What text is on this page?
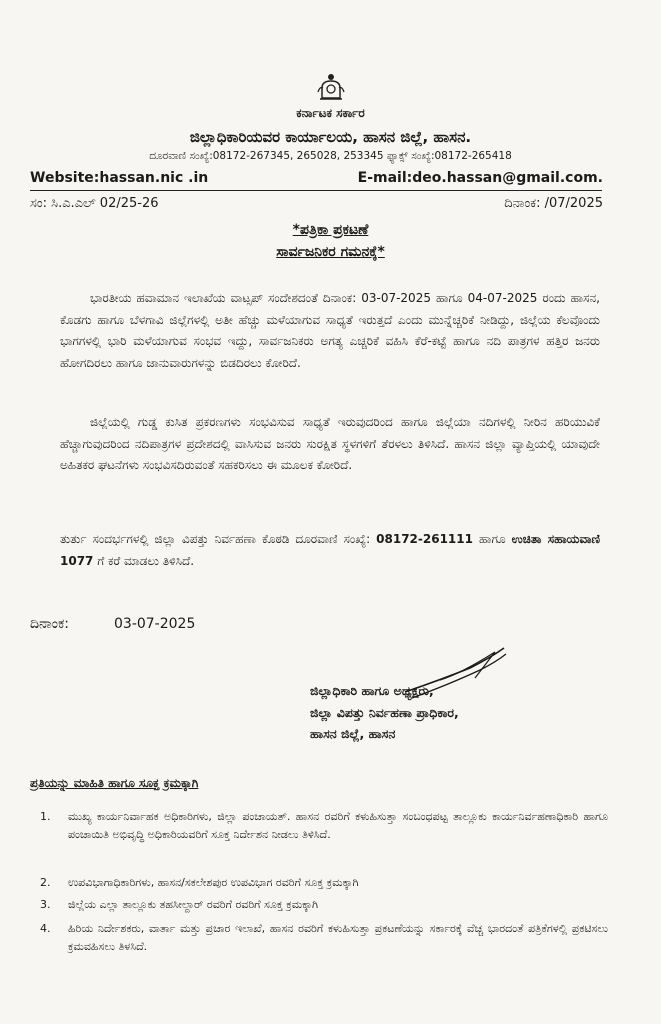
ಕರ್ನಾಟಕ ಸರ್ಕಾರ
ಜಿಲ್ಲಾಧಿಕಾರಿಯವರ ಕಾರ್ಯಾಲಯ, ಹಾಸನ ಜಿಲ್ಲೆ, ಹಾಸನ.
ದೂರವಾಣಿ ಸಂಖ್ಯೆ:08172-267345, 265028, 253345 ಫ್ಯಾಕ್ಸ್ ಸಂಖ್ಯೆ:08172-265418
Website:hassan.nic .in	E-mail:deo.hassan@gmail.com.
ಸಂ: ಸಿ.ಎ.ಎಲ್ 02/25-26	ದಿನಾಂಕ: /07/2025
*ಪತ್ರಿಕಾ ಪ್ರಕಟಣೆ
ಸಾರ್ವಜನಿಕರ ಗಮನಕ್ಕೆ*
ಭಾರತೀಯ ಹವಾಮಾನ ಇಲಾಖೆಯ ವಾಟ್ಸಪ್ ಸಂದೇಶದಂತೆ ದಿನಾಂಕ: 03-07-2025 ಹಾಗೂ 04-07-2025 ರಂದು ಹಾಸನ, ಕೊಡಗು ಹಾಗೂ ಬೆಳಗಾವಿ ಜಿಲ್ಲೆಗಳಲ್ಲಿ ಅತೀ ಹೆಚ್ಚು ಮಳೆಯಾಗುವ ಸಾಧ್ಯತೆ ಇರುತ್ತದೆ ಎಂದು ಮುನ್ನೆಚ್ಚರಿಕೆ ನೀಡಿದ್ದು, ಜಿಲ್ಲೆಯ ಕೆಲವೊಂದು ಭಾಗಗಳಲ್ಲಿ ಭಾರಿ ಮಳೆಯಾಗುವ ಸಂಭವ ಇದ್ದು, ಸಾರ್ವಜನಿಕರು ಅಗತ್ಯ ಎಚ್ಚರಿಕೆ ವಹಿಸಿ ಕೆರೆ-ಕಟ್ಟೆ ಹಾಗೂ ನದಿ ಪಾತ್ರಗಳ ಹತ್ತಿರ ಜನರು ಹೋಗದಿರಲು ಹಾಗೂ ಜಾನುವಾರುಗಳನ್ನು ಬಿಡದಿರಲು ಕೋರಿದೆ.
ಜಿಲ್ಲೆಯಲ್ಲಿ ಗುಡ್ಡ ಕುಸಿತ ಪ್ರಕರಣಗಳು ಸಂಭವಿಸುವ ಸಾಧ್ಯತೆ ಇರುವುದರಿಂದ ಹಾಗೂ ಜಿಲ್ಲೆಯಾ ನದಿಗಳಲ್ಲಿ ನೀರಿನ ಹರಿಯುವಿಕೆ ಹೆಚ್ಚಾಗುವುದರಿಂದ ನದಿಪಾತ್ರಗಳ ಪ್ರದೇಶದಲ್ಲಿ ವಾಸಿಸುವ ಜನರು ಸುರಕ್ಷಿತ ಸ್ಥಳಗಳಿಗೆ ತೆರಳಲು ತಿಳಿಸಿದೆ. ಹಾಸನ ಜಿಲ್ಲಾ ವ್ಯಾಪ್ತಿಯಲ್ಲಿ ಯಾವುದೇ ಅಹಿತಕರ ಘಟನೆಗಳು ಸಂಭವಿಸದಿರುವಂತೆ ಸಹಕರಿಸಲು ಈ ಮೂಲಕ ಕೋರಿದೆ.
ತುರ್ತು ಸಂದರ್ಭಗಳಲ್ಲಿ ಜಿಲ್ಲಾ ವಿಪತ್ತು ನಿರ್ವಹಣಾ ಕೊಠಡಿ ದೂರವಾಣಿ ಸಂಖ್ಯೆ: 08172-261111 ಹಾಗೂ ಉಚಿತಾ ಸಹಾಯವಾಣಿ 1077 ಗೆ ಕರೆ ಮಾಡಲು ತಿಳಿಸಿದೆ.
ದಿನಾಂಕ:	03-07-2025
ಜಿಲ್ಲಾಧಿಕಾರಿ ಹಾಗೂ ಅಧ್ಯಕ್ಷರು,
ಜಿಲ್ಲಾ ವಿಪತ್ತು ನಿರ್ವಹಣಾ ಪ್ರಾಧಿಕಾರ,
ಹಾಸನ ಜಿಲ್ಲೆ, ಹಾಸನ
ಪ್ರತಿಯನ್ನು ಮಾಹಿತಿ ಹಾಗೂ ಸೂಕ್ತ ಕ್ರಮಕ್ಕಾಗಿ
1. ಮುಖ್ಯ ಕಾರ್ಯನಿರ್ವಾಹಕ ಅಧಿಕಾರಿಗಳು, ಜಿಲ್ಲಾ ಪಂಚಾಯತ್. ಹಾಸನ ರವರಿಗೆ ಕಳುಹಿಸುತ್ತಾ ಸಂಬಂಧಪಟ್ಟ ತಾಲ್ಲೂಕು ಕಾರ್ಯನಿರ್ವಹಣಾಧಿಕಾರಿ ಹಾಗೂ ಪಂಚಾಯಿತಿ ಅಭಿವೃದ್ಧಿ ಅಧಿಕಾರಿಯವರಿಗೆ ಸೂಕ್ತ ನಿರ್ದೇಶನ ನೀಡಲು ತಿಳಿಸಿದೆ.
2. ಉಪವಿಭಾಗಾಧಿಕಾರಿಗಳು, ಹಾಸನ/ಸಕಲೇಶಪುರ ಉಪವಿಭಾಗ ರವರಿಗೆ ಸೂಕ್ತ ಕ್ರಮಕ್ಕಾಗಿ
3. ಜಿಲ್ಲೆಯ ಎಲ್ಲಾ ತಾಲ್ಲೂಕು ತಹಸೀಲ್ದಾರ್ ರವರಿಗೆ ರವರಿಗೆ ಸೂಕ್ತ ಕ್ರಮಕ್ಕಾಗಿ
4. ಹಿರಿಯ ನಿರ್ದೇಶಕರು, ವಾರ್ತಾ ಮತ್ತು ಪ್ರಚಾರ ಇಲಾಖೆ, ಹಾಸನ ರವರಿಗೆ ಕಳುಹಿಸುತ್ತಾ ಪ್ರಕಟಣೆಯನ್ನು ಸರ್ಕಾರಕ್ಕೆ ವೆಚ್ಚ ಭಾರದಂತೆ ಪತ್ರಿಕೆಗಳಲ್ಲಿ ಪ್ರಕಟಿಸಲು ಕ್ರಮವಹಿಸಲು ತಿಳಸಿದೆ.
